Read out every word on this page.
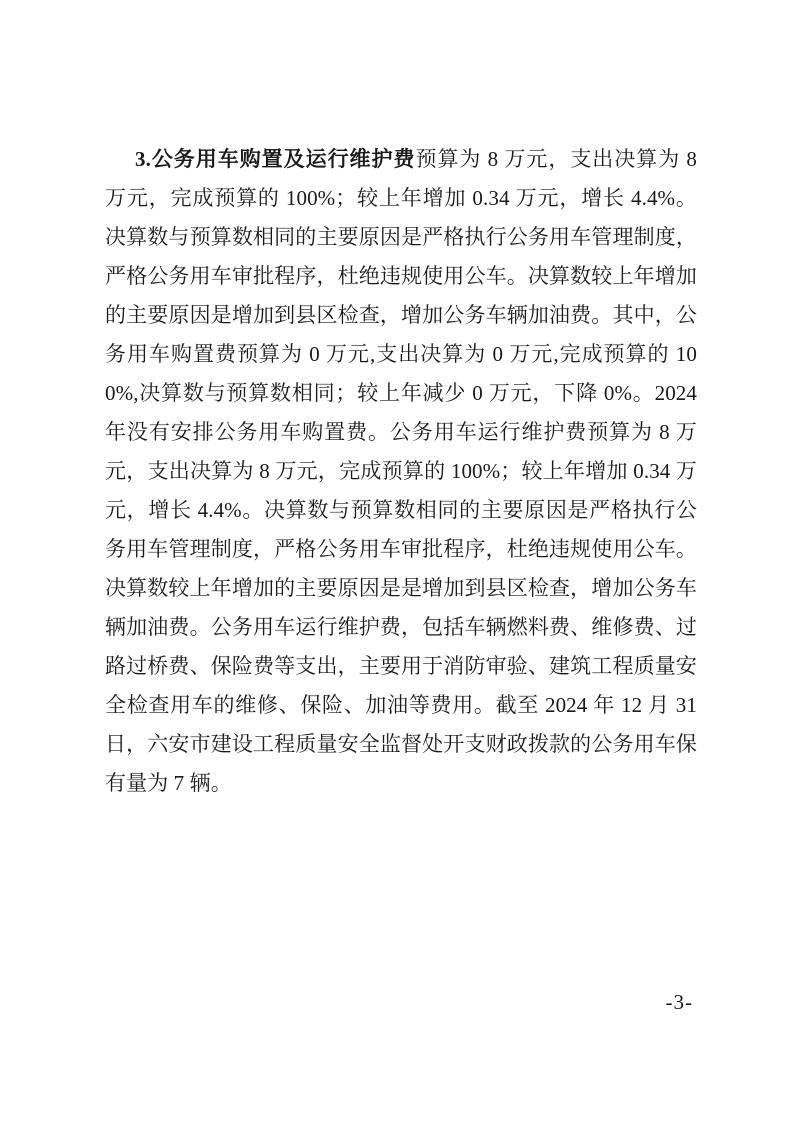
3.公务用车购置及运行维护费预算为 8 万元，支出决算为 8 万元，完成预算的 100%；较上年增加 0.34 万元，增长 4.4%。决算数与预算数相同的主要原因是严格执行公务用车管理制度，严格公务用车审批程序，杜绝违规使用公车。决算数较上年增加的主要原因是增加到县区检查，增加公务车辆加油费。其中，公务用车购置费预算为 0 万元,支出决算为 0 万元,完成预算的 100%,决算数与预算数相同；较上年减少 0 万元，下降 0%。2024 年没有安排公务用车购置费。公务用车运行维护费预算为 8 万元，支出决算为 8 万元，完成预算的 100%；较上年增加 0.34 万元，增长 4.4%。决算数与预算数相同的主要原因是严格执行公务用车管理制度，严格公务用车审批程序，杜绝违规使用公车。决算数较上年增加的主要原因是是增加到县区检查，增加公务车辆加油费。公务用车运行维护费，包括车辆燃料费、维修费、过路过桥费、保险费等支出，主要用于消防审验、建筑工程质量安全检查用车的维修、保险、加油等费用。截至 2024 年 12 月 31 日，六安市建设工程质量安全监督处开支财政拨款的公务用车保有量为 7 辆。

-3-
